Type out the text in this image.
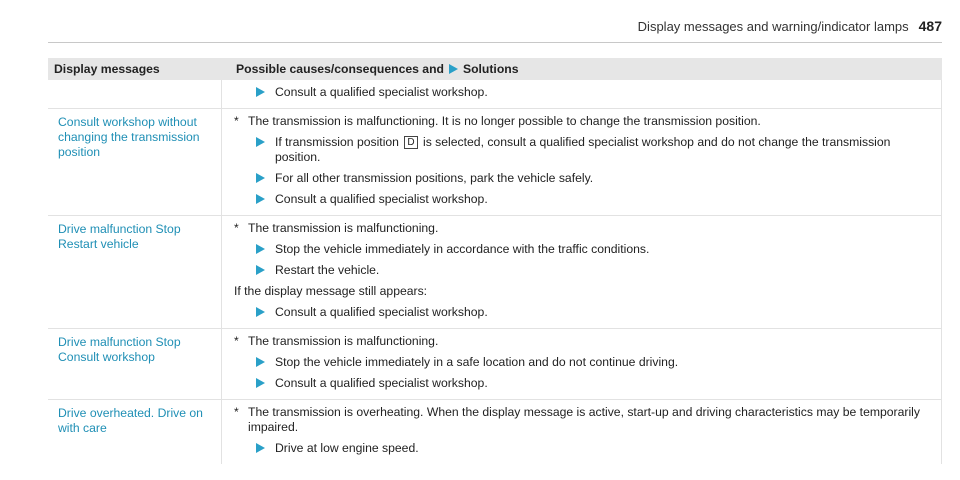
Display messages and warning/indicator lamps 487
Display messages	Possible causes/consequences and Solutions
Consult a qualified specialist workshop.
Consult workshop without changing the transmission position
* The transmission is malfunctioning. It is no longer possible to change the transmission position.
If transmission position D is selected, consult a qualified specialist workshop and do not change the transmission position.
For all other transmission positions, park the vehicle safely.
Consult a qualified specialist workshop.
Drive malfunction Stop
Restart vehicle
* The transmission is malfunctioning.
Stop the vehicle immediately in accordance with the traffic conditions.
Restart the vehicle.
If the display message still appears:
Consult a qualified specialist workshop.
Drive malfunction Stop
Consult workshop
* The transmission is malfunctioning.
Stop the vehicle immediately in a safe location and do not continue driving.
Consult a qualified specialist workshop.
Drive overheated. Drive on with care
* The transmission is overheating. When the display message is active, start-up and driving characteristics may be temporarily impaired.
Drive at low engine speed.
